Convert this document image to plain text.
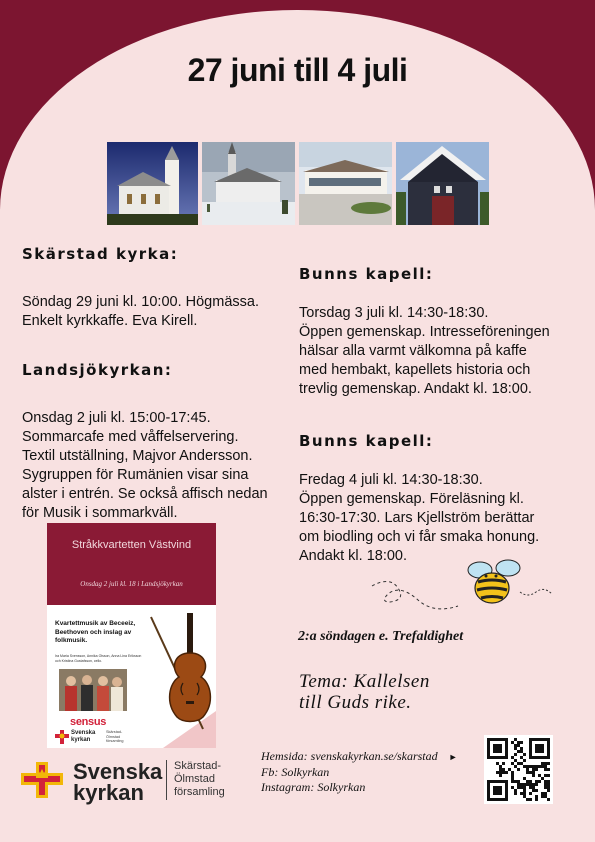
27 juni till 4 juli
Skärstad kyrka:
Söndag 29 juni kl. 10:00. Högmässa.
Enkelt kyrkkaffe. Eva Kirell.
Landsjökyrkan:
Onsdag 2 juli kl. 15:00-17:45.
Sommarcafe med våffelservering.
Textil utställning, Majvor Andersson.
Sygruppen för Rumänien visar sina
alster i entrén. Se också affisch nedan
för Musik i sommarkväll.
Bunns kapell:
Torsdag 3 juli kl. 14:30-18:30.
Öppen gemenskap. Intresseföreningen
hälsar alla varmt välkomna på kaffe
med hembakt, kapellets historia och
trevlig gemenskap. Andakt kl. 18:00.
Bunns kapell:
Fredag 4 juli kl. 14:30-18:30.
Öppen gemenskap. Föreläsning kl.
16:30-17:30. Lars Kjellström berättar
om biodling och vi får smaka honung.
Andakt kl. 18:00.
2:a söndagen e. Trefaldighet
Tema: Kallelsen
till Guds rike.
Stråkkvartetten Västvind
Onsdag 2 juli kl. 18 i Landsjökyrkan
Kvartettmusik av Beceeiz, Beethoven och inslag av folkmusik.
Ira Maria Svensson, Annika Olsson, Anna Lina Eriksson och Kristina Gustafsson, cello.
sensus
Svenska kyrkan
Skärstad-Ölmstad församling
Svenska
kyrkan
Skärstad-
Ölmstad
församling
Hemsida: svenskakyrkan.se/skarstad ►
Fb: Solkyrkan
Instagram: Solkyrkan
